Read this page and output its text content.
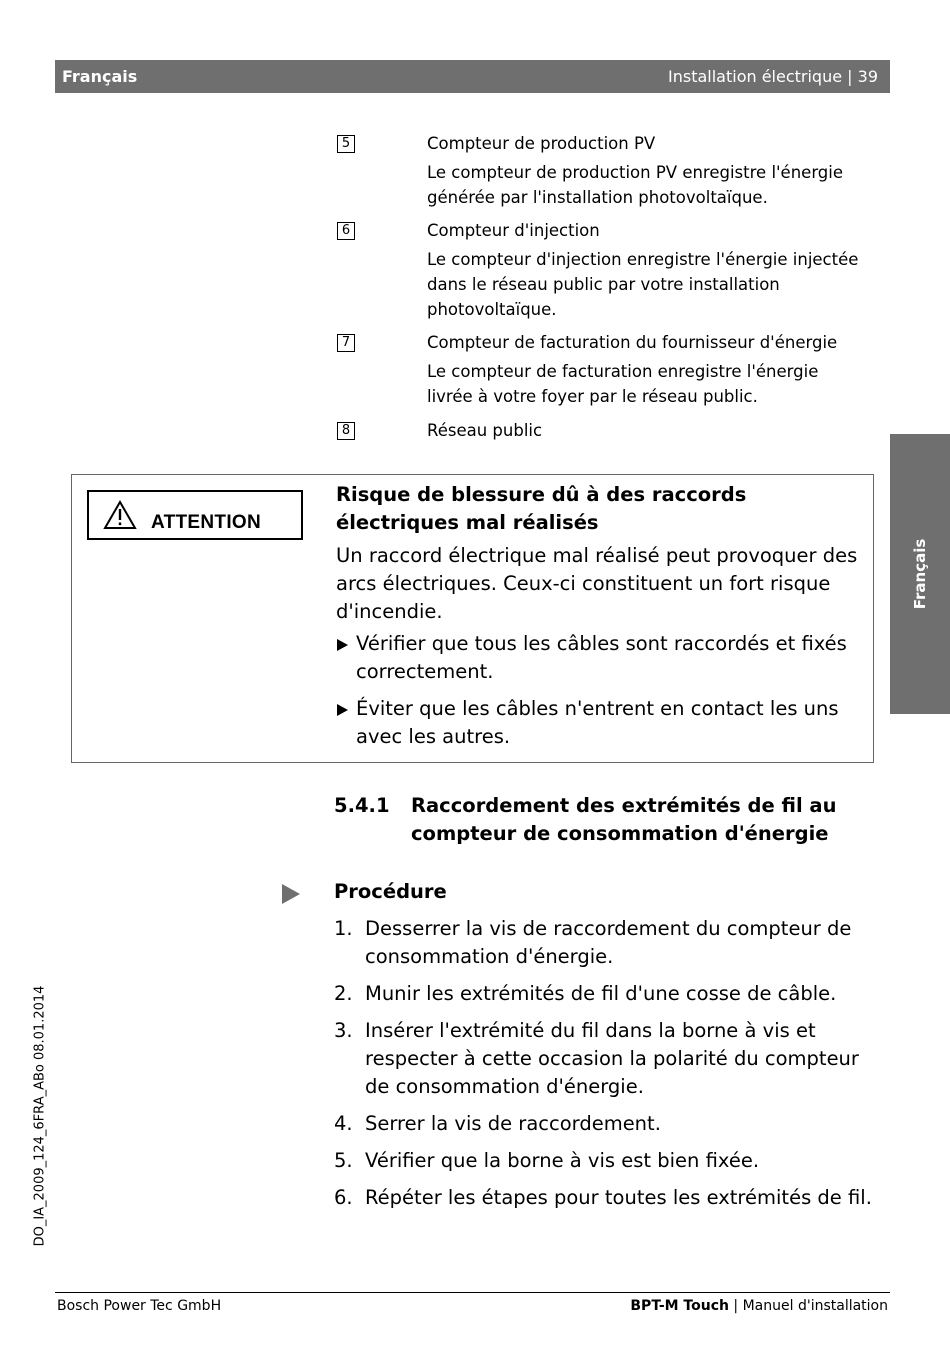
Français	Installation électrique | 39
Français
5	Compteur de production PV
Le compteur de production PV enregistre l'énergie générée par l'installation photovoltaïque.
6	Compteur d'injection
Le compteur d'injection enregistre l'énergie injectée dans le réseau public par votre installation photovoltaïque.
7	Compteur de facturation du fournisseur d'énergie
Le compteur de facturation enregistre l'énergie livrée à votre foyer par le réseau public.
8	Réseau public
ATTENTION
Risque de blessure dû à des raccords électriques mal réalisés
Un raccord électrique mal réalisé peut provoquer des arcs électriques. Ceux-ci constituent un fort risque d'incendie.
Vérifier que tous les câbles sont raccordés et fixés correctement.
Éviter que les câbles n'entrent en contact les uns avec les autres.
5.4.1 Raccordement des extrémités de fil au compteur de consommation d'énergie
Procédure
1. Desserrer la vis de raccordement du compteur de consommation d'énergie.
2. Munir les extrémités de fil d'une cosse de câble.
3. Insérer l'extrémité du fil dans la borne à vis et respecter à cette occasion la polarité du compteur de consommation d'énergie.
4. Serrer la vis de raccordement.
5. Vérifier que la borne à vis est bien fixée.
6. Répéter les étapes pour toutes les extrémités de fil.
DO_IA_2009_124_6FRA_ABo 08.01.2014
Bosch Power Tec GmbH	BPT-M Touch | Manuel d'installation
